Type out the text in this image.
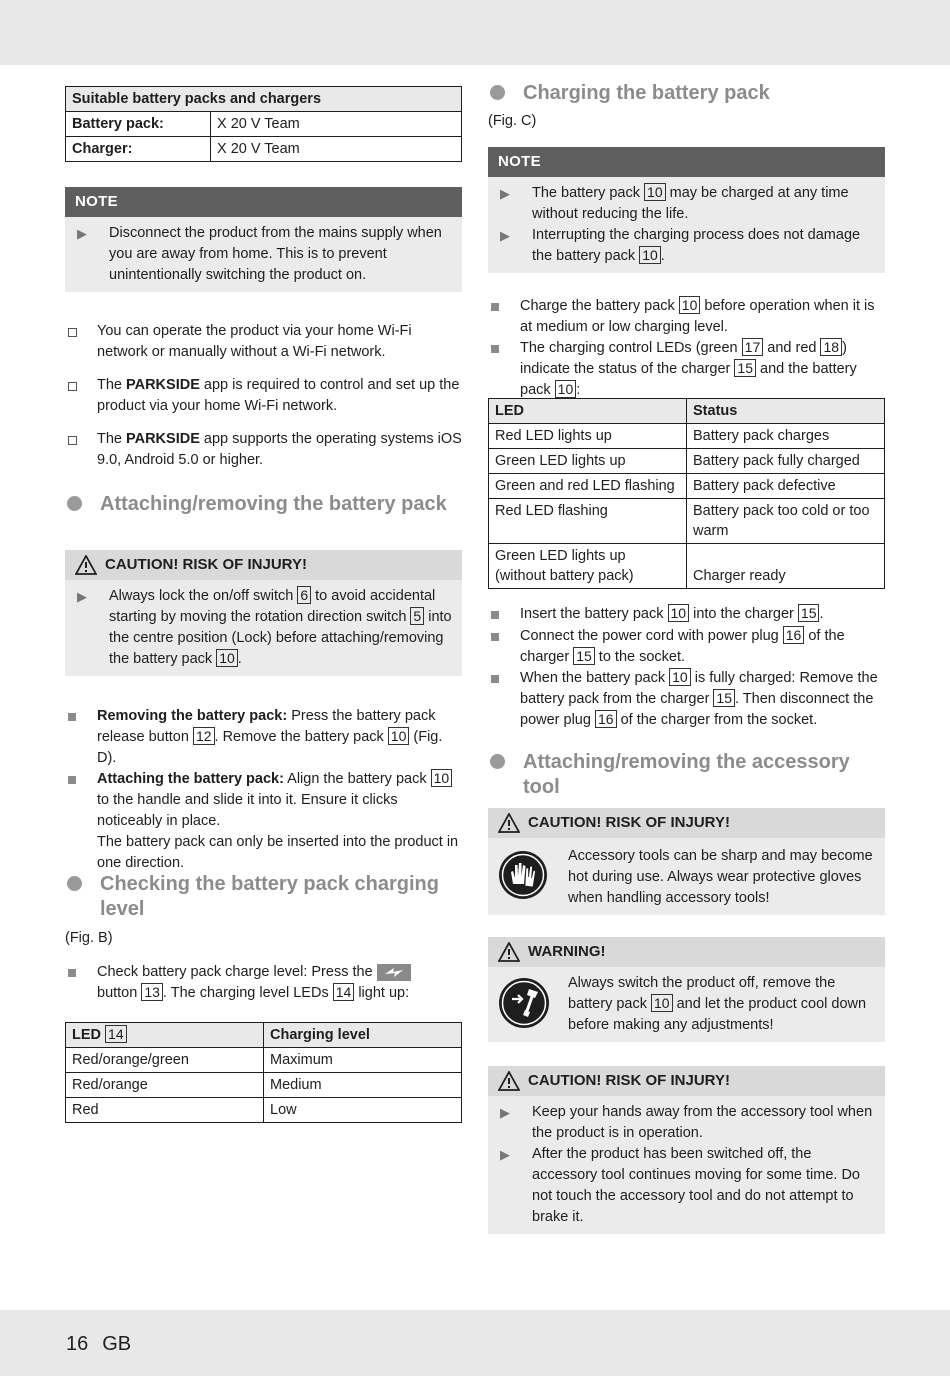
Suitable battery packs and chargers	
Battery pack:	X 20 V Team
Charger:	X 20 V Team
NOTE
▶	Disconnect the product from the mains supply when you are away from home. This is to prevent unintentionally switching the product on.
You can operate the product via your home Wi-Fi network or manually without a Wi-Fi network.
The PARKSIDE app is required to control and set up the product via your home Wi-Fi network.
The PARKSIDE app supports the operating systems iOS 9.0, Android 5.0 or higher.
Attaching/removing the battery pack
CAUTION! RISK OF INJURY!
▶	Always lock the on/off switch 6 to avoid accidental starting by moving the rotation direction switch 5 into the centre position (Lock) before attaching/removing the battery pack 10 .
Removing the battery pack: Press the battery pack release button 12 . Remove the battery pack 10 (Fig. D).
Attaching the battery pack: Align the battery pack 10 to the handle and slide it into it. Ensure it clicks noticeably in place.
The battery pack can only be inserted into the product in one direction.
Checking the battery pack charging level
(Fig. B)
Check battery pack charge level: Press the
button 13 . The charging level LEDs 14 light up:
LED 14	Charging level
Red/orange/green	Maximum
Red/orange	Medium
Red	Low
Charging the battery pack
(Fig. C)
NOTE
▶	The battery pack 10 may be charged at any time without reducing the life.
▶	Interrupting the charging process does not damage the battery pack 10 .
Charge the battery pack 10 before operation when it is at medium or low charging level.
The charging control LEDs (green 17 and red 18 ) indicate the status of the charger 15 and the battery pack 10 :
LED	Status
Red LED lights up	Battery pack charges
Green LED lights up	Battery pack fully charged
Green and red LED flashing	Battery pack defective
Red LED flashing	Battery pack too cold or too warm
Green LED lights up (without battery pack)	Charger ready
Insert the battery pack 10 into the charger 15 .
Connect the power cord with power plug 16 of the charger 15 to the socket.
When the battery pack 10 is fully charged: Remove the battery pack from the charger 15 . Then disconnect the power plug 16 of the charger from the socket.
Attaching/removing the accessory tool
CAUTION! RISK OF INJURY!
Accessory tools can be sharp and may become hot during use. Always wear protective gloves when handling accessory tools!
WARNING!
Always switch the product off, remove the battery pack 10 and let the product cool down before making any adjustments!
CAUTION! RISK OF INJURY!
▶	Keep your hands away from the accessory tool when the product is in operation.
▶	After the product has been switched off, the accessory tool continues moving for some time. Do not touch the accessory tool and do not attempt to brake it.
16 GB
